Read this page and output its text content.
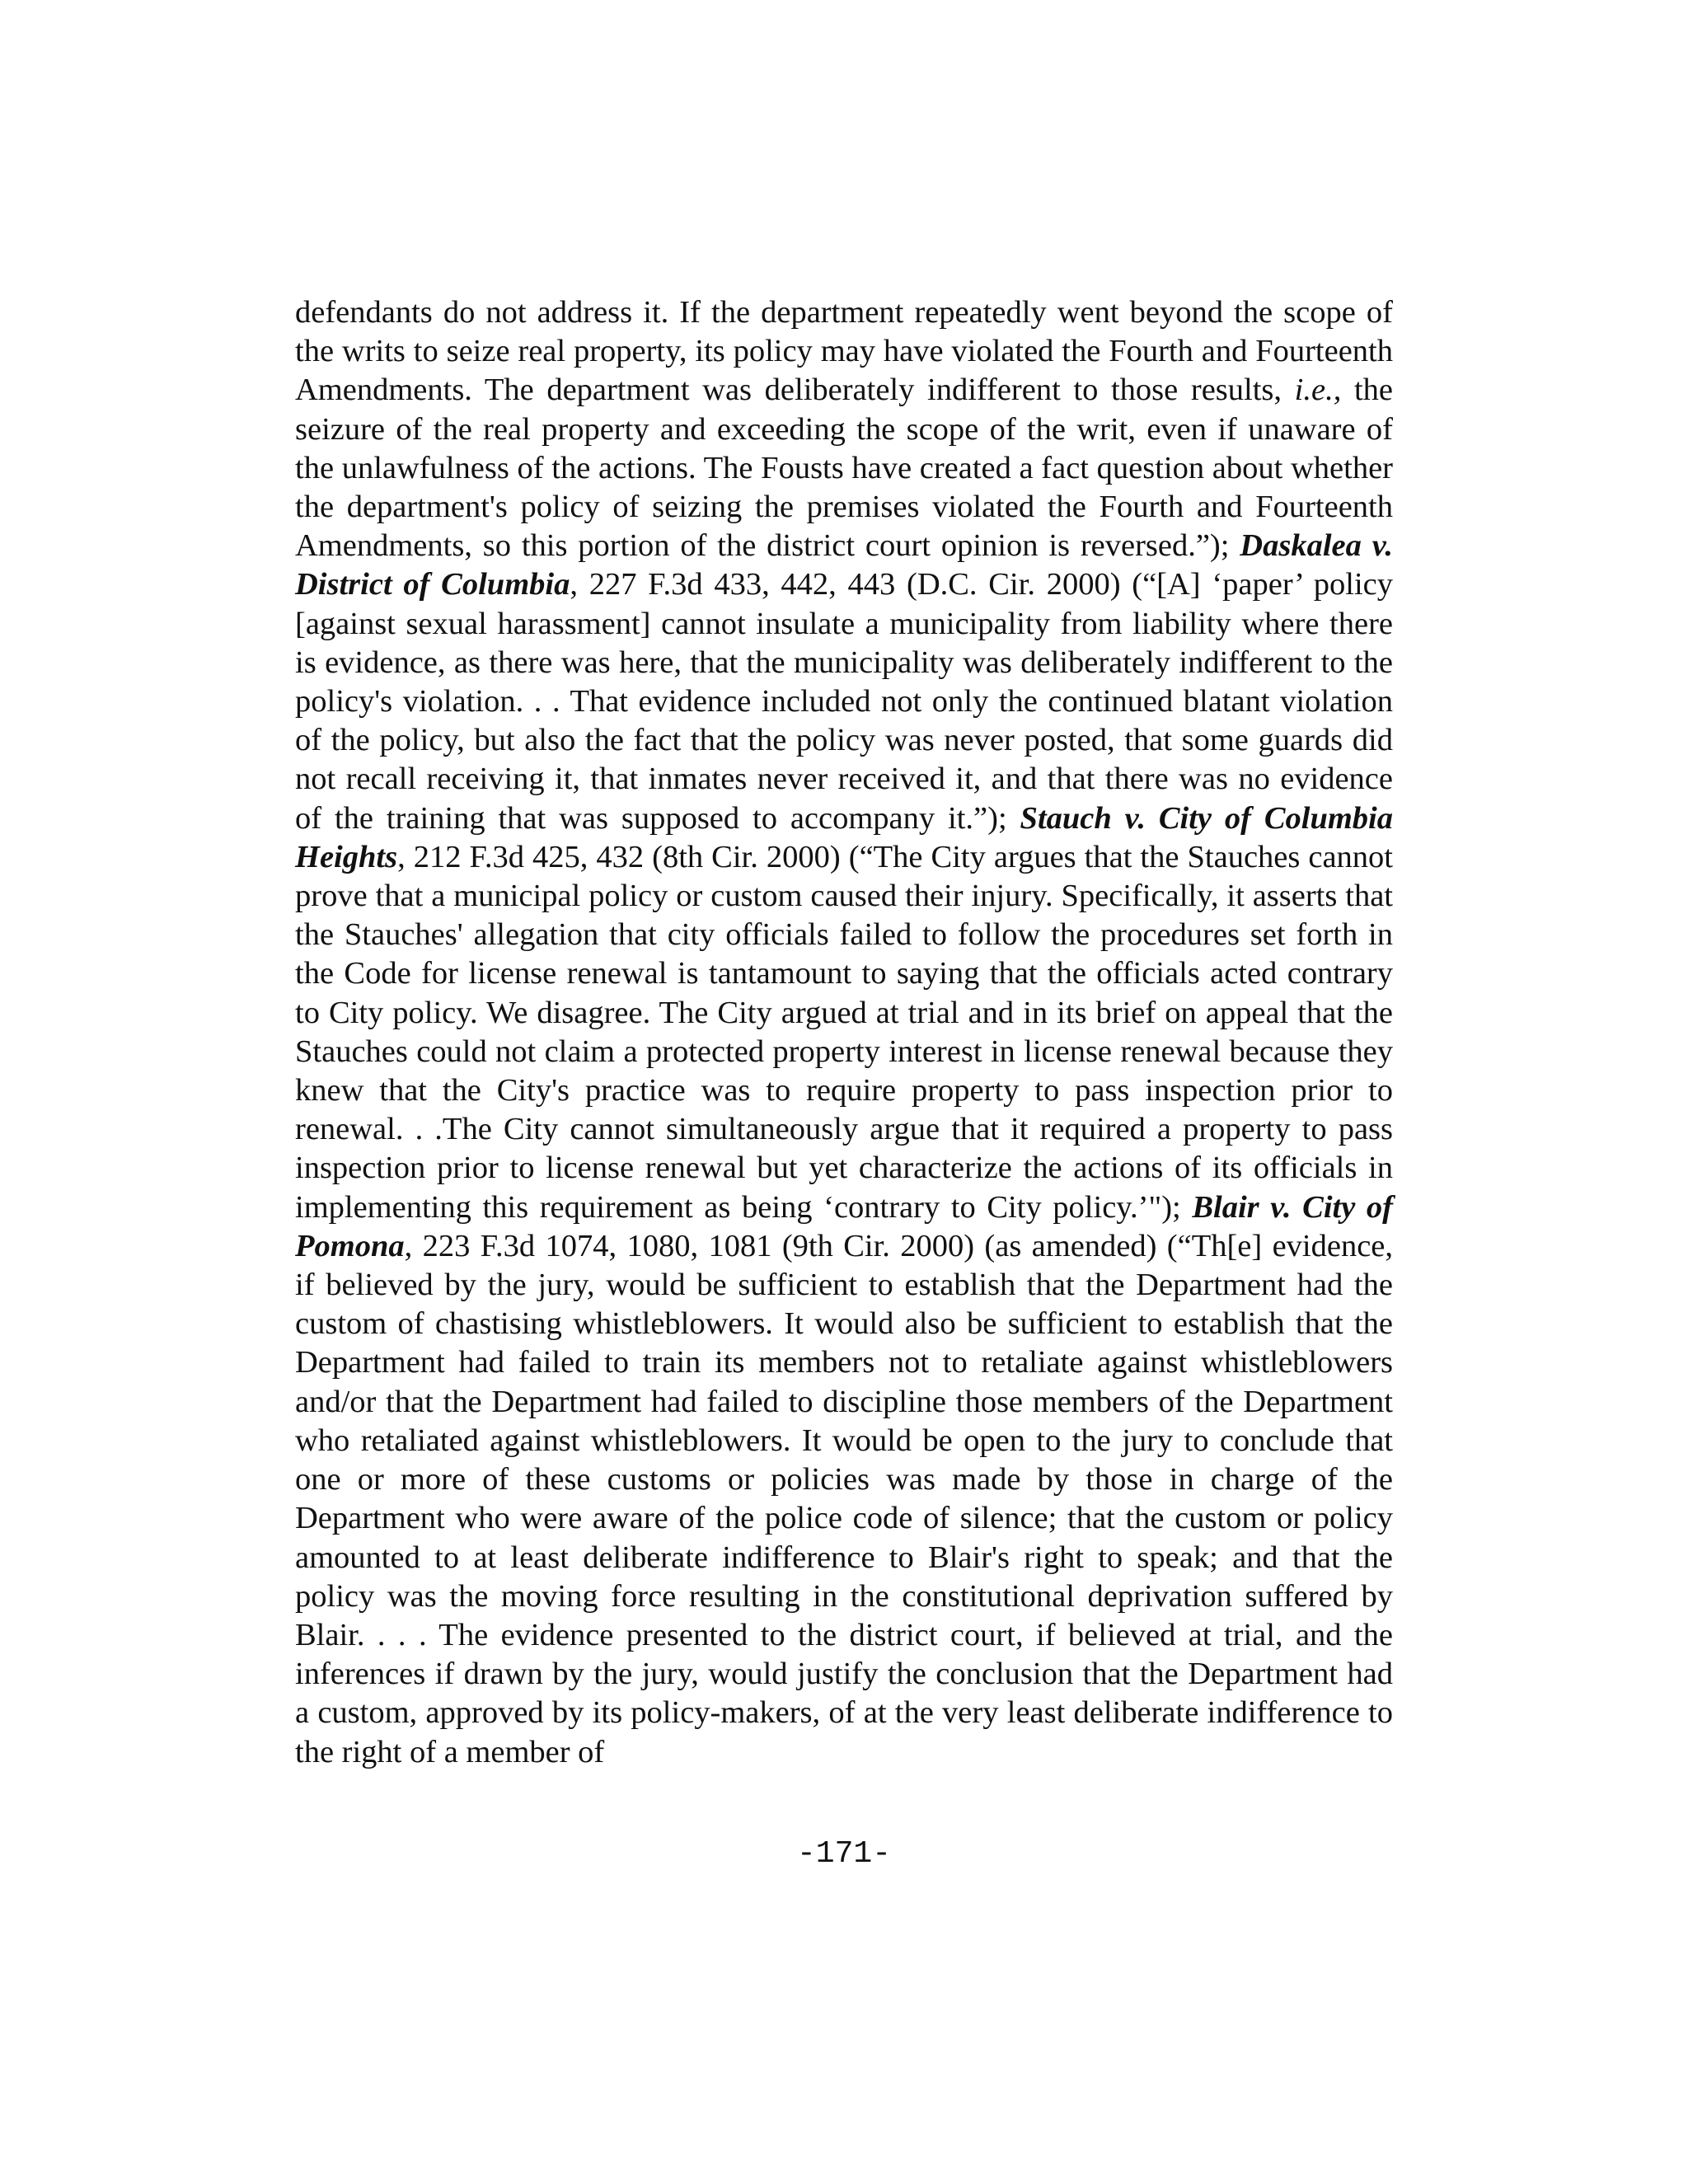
defendants do not address it. If the department repeatedly went beyond the scope of the writs to seize real property, its policy may have violated the Fourth and Fourteenth Amendments. The department was deliberately indifferent to those results, i.e., the seizure of the real property and exceeding the scope of the writ, even if unaware of the unlawfulness of the actions. The Fousts have created a fact question about whether the department's policy of seizing the premises violated the Fourth and Fourteenth Amendments, so this portion of the district court opinion is reversed.”); Daskalea v. District of Columbia, 227 F.3d 433, 442, 443 (D.C. Cir. 2000) (“[A] ‘paper’ policy [against sexual harassment] cannot insulate a municipality from liability where there is evidence, as there was here, that the municipality was deliberately indifferent to the policy's violation. . . That evidence included not only the continued blatant violation of the policy, but also the fact that the policy was never posted, that some guards did not recall receiving it, that inmates never received it, and that there was no evidence of the training that was supposed to accompany it.”); Stauch v. City of Columbia Heights, 212 F.3d 425, 432 (8th Cir. 2000) (“The City argues that the Stauches cannot prove that a municipal policy or custom caused their injury. Specifically, it asserts that the Stauches' allegation that city officials failed to follow the procedures set forth in the Code for license renewal is tantamount to saying that the officials acted contrary to City policy. We disagree. The City argued at trial and in its brief on appeal that the Stauches could not claim a protected property interest in license renewal because they knew that the City's practice was to require property to pass inspection prior to renewal. . .The City cannot simultaneously argue that it required a property to pass inspection prior to license renewal but yet characterize the actions of its officials in implementing this requirement as being ‘contrary to City policy.’"); Blair v. City of Pomona, 223 F.3d 1074, 1080, 1081 (9th Cir. 2000) (as amended) (“Th[e] evidence, if believed by the jury, would be sufficient to establish that the Department had the custom of chastising whistleblowers. It would also be sufficient to establish that the Department had failed to train its members not to retaliate against whistleblowers and/or that the Department had failed to discipline those members of the Department who retaliated against whistleblowers. It would be open to the jury to conclude that one or more of these customs or policies was made by those in charge of the Department who were aware of the police code of silence; that the custom or policy amounted to at least deliberate indifference to Blair's right to speak; and that the policy was the moving force resulting in the constitutional deprivation suffered by Blair. . . . The evidence presented to the district court, if believed at trial, and the inferences if drawn by the jury, would justify the conclusion that the Department had a custom, approved by its policy-makers, of at the very least deliberate indifference to the right of a member of

-171-
